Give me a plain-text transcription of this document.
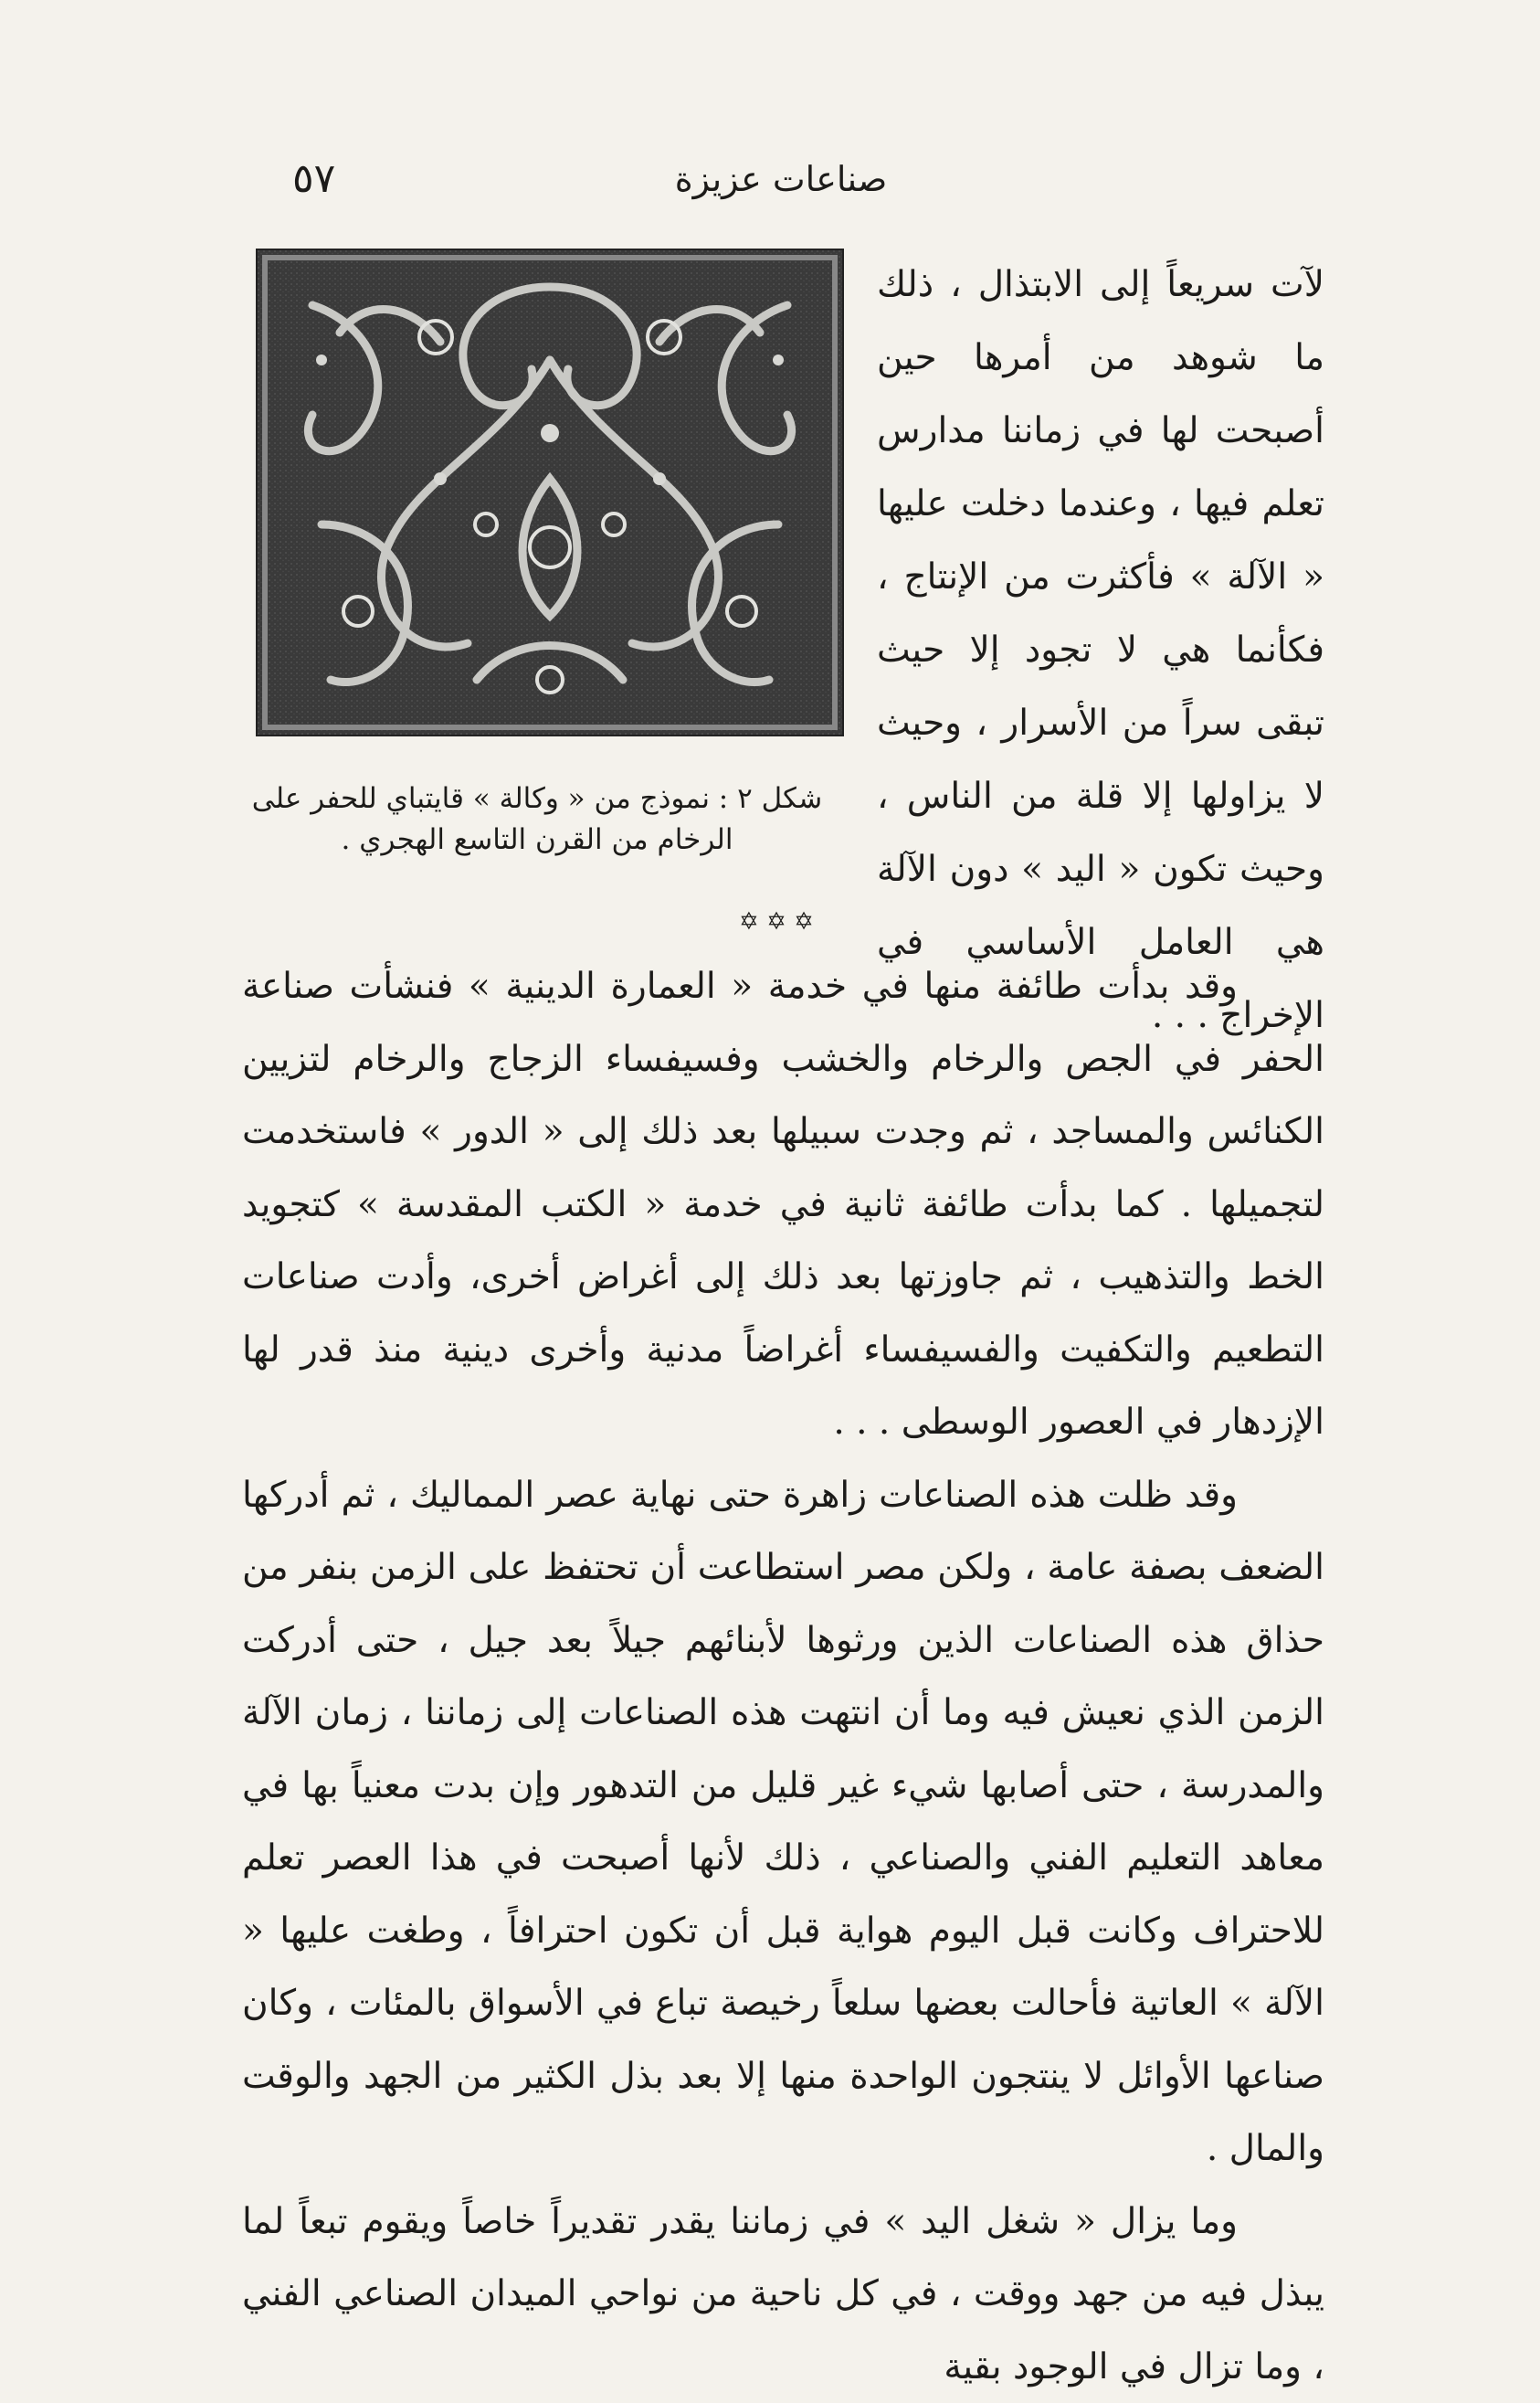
٥٧	صناعات عزيزة
شكل ٢ : نموذج من « وكالة » قايتباي للحفر على الرخام من القرن التاسع الهجري .

لآت سريعاً إلى الابتذال ، ذلك ما شوهد من أمرها حين أصبحت لها في زماننا مدارس تعلم فيها ، وعندما دخلت عليها « الآلة » فأكثرت من الإنتاج ، فكأنما هي لا تجود إلا حيث تبقى سراً من الأسرار ، وحيث لا يزاولها إلا قلة من الناس ، وحيث تكون « اليد » دون الآلة هي العامل الأساسي في الإخراج . . .

✡ ✡ ✡

وقد بدأت طائفة منها في خدمة « العمارة الدينية » فنشأت صناعة الحفر في الجص والرخام والخشب وفسيفساء الزجاج والرخام لتزيين الكنائس والمساجد ، ثم وجدت سبيلها بعد ذلك إلى « الدور » فاستخدمت لتجميلها . كما بدأت طائفة ثانية في خدمة « الكتب المقدسة » كتجويد الخط والتذهيب ، ثم جاوزتها بعد ذلك إلى أغراض أخرى، وأدت صناعات التطعيم والتكفيت والفسيفساء أغراضاً مدنية وأخرى دينية منذ قدر لها الإزدهار في العصور الوسطى . . .

وقد ظلت هذه الصناعات زاهرة حتى نهاية عصر المماليك ، ثم أدركها الضعف بصفة عامة ، ولكن مصر استطاعت أن تحتفظ على الزمن بنفر من حذاق هذه الصناعات الذين ورثوها لأبنائهم جيلاً بعد جيل ، حتى أدركت الزمن الذي نعيش فيه وما أن انتهت هذه الصناعات إلى زماننا ، زمان الآلة والمدرسة ، حتى أصابها شيء غير قليل من التدهور وإن بدت معنياً بها في معاهد التعليم الفني والصناعي ، ذلك لأنها أصبحت في هذا العصر تعلم للاحتراف وكانت قبل اليوم هواية قبل أن تكون احترافاً ، وطغت عليها « الآلة » العاتية فأحالت بعضها سلعاً رخيصة تباع في الأسواق بالمئات ، وكان صناعها الأوائل لا ينتجون الواحدة منها إلا بعد بذل الكثير من الجهد والوقت والمال .

وما يزال « شغل اليد » في زماننا يقدر تقديراً خاصاً ويقوم تبعاً لما يبذل فيه من جهد ووقت ، في كل ناحية من نواحي الميدان الصناعي الفني ، وما تزال في الوجود بقية
